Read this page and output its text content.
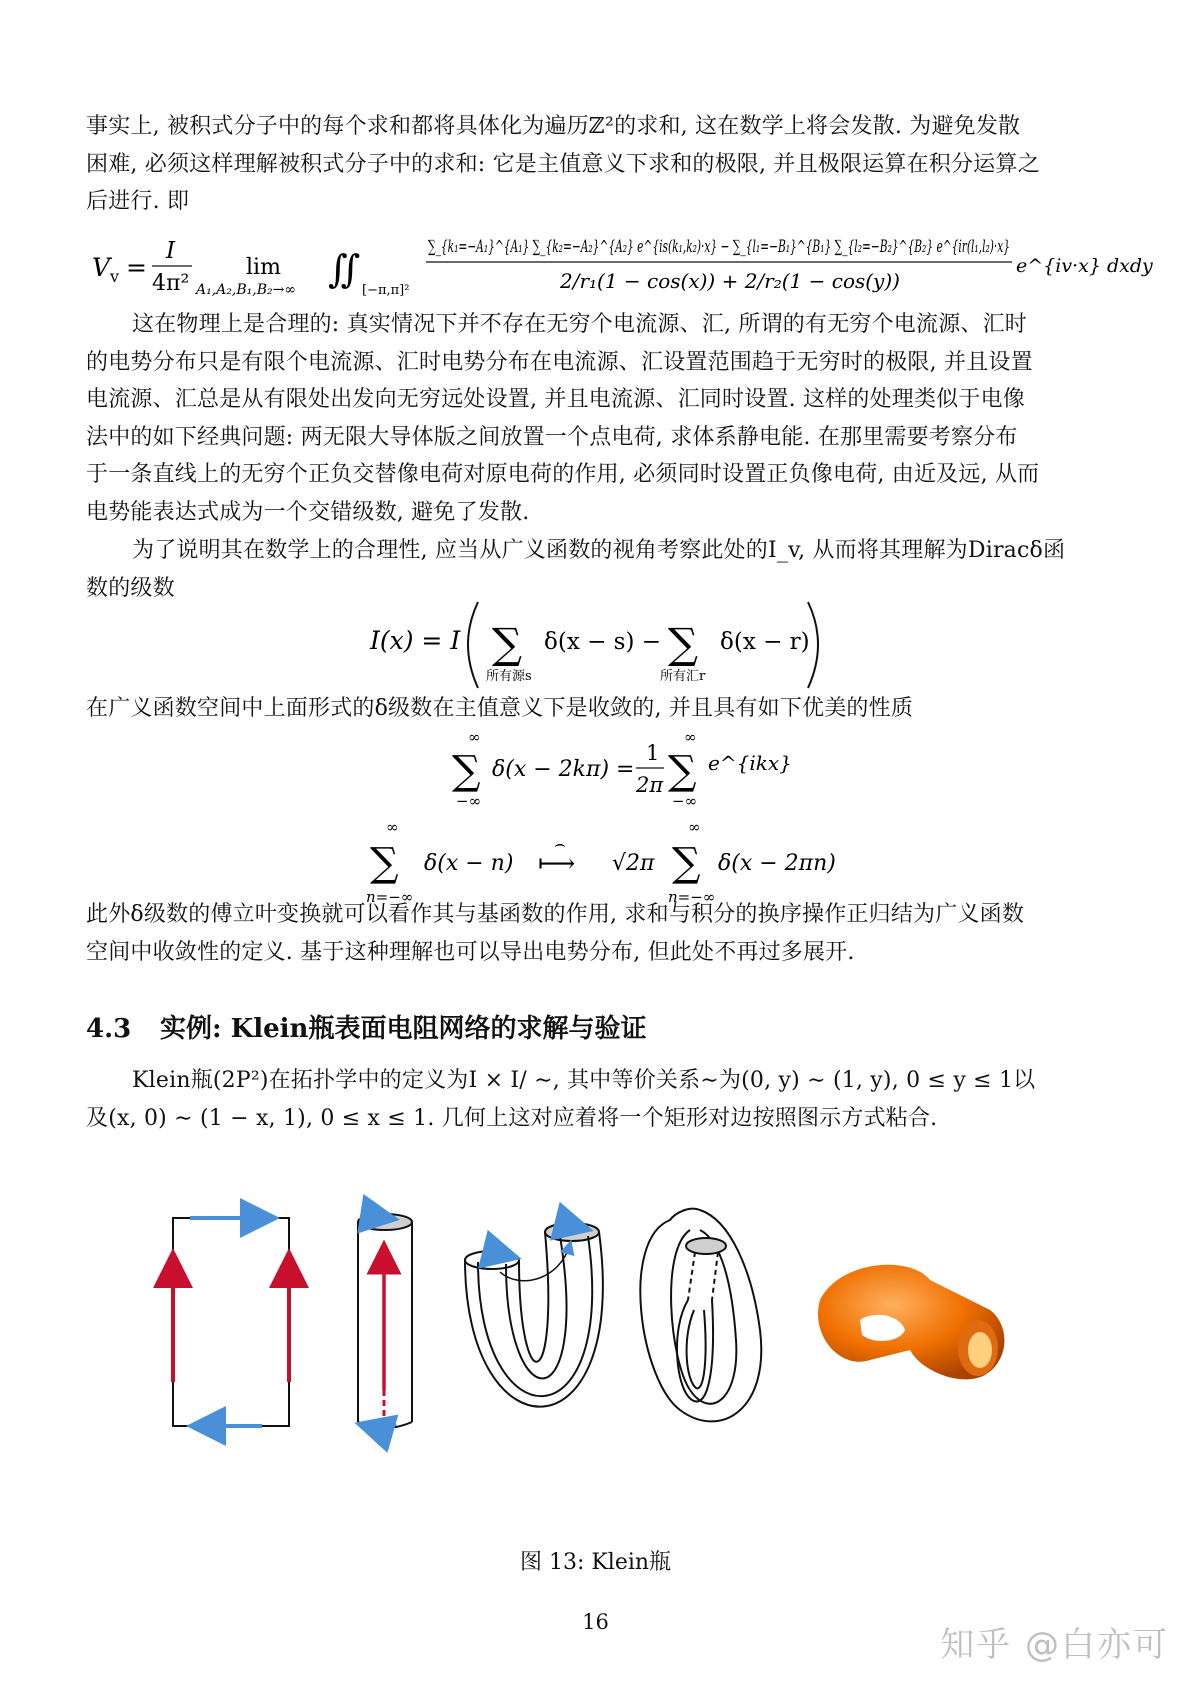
事实上, 被积式分子中的每个求和都将具体化为遍历ℤ²的求和, 这在数学上将会发散. 为避免发散
困难, 必须这样理解被积式分子中的求和: 它是主值意义下求和的极限, 并且极限运算在积分运算之
后进行. 即
V v =
I
4π²
lim
A₁,A₂,B₁,B₂→∞ ∬ [−π,π]²
∑_{k₁=−A₁}^{A₁} ∑_{k₂=−A₂}^{A₂} e^{is(k₁,k₂)·x} − ∑_{l₁=−B₁}^{B₁} ∑_{l₂=−B₂}^{B₂} e^{ir(l₁,l₂)·x}
2/r₁(1 − cos(x)) + 2/r₂(1 − cos(y))
e^{iv·x} dxdy
这在物理上是合理的: 真实情况下并不存在无穷个电流源、汇, 所谓的有无穷个电流源、汇时
的电势分布只是有限个电流源、汇时电势分布在电流源、汇设置范围趋于无穷时的极限, 并且设置
电流源、汇总是从有限处出发向无穷远处设置, 并且电流源、汇同时设置. 这样的处理类似于电像
法中的如下经典问题: 两无限大导体版之间放置一个点电荷, 求体系静电能. 在那里需要考察分布
于一条直线上的无穷个正负交替像电荷对原电荷的作用, 必须同时设置正负像电荷, 由近及远, 从而
电势能表达式成为一个交错级数, 避免了发散.
为了说明其在数学上的合理性, 应当从广义函数的视角考察此处的I_v, 从而将其理解为Diracδ函
数的级数
I(x) = I ∑
所有源s
δ(x − s) − ∑
所有汇r
δ(x − r)
在广义函数空间中上面形式的δ级数在主值意义下是收敛的, 并且具有如下优美的性质
∞
∑
−∞
δ(x − 2kπ) =
1
2π
∞
∑
−∞
e^{ikx}
∞
∑
n=−∞
δ(x − n)
⌢
⟼ √2π
∞
∑
n=−∞
δ(x − 2πn)
此外δ级数的傅立叶变换就可以看作其与基函数的作用, 求和与积分的换序操作正归结为广义函数
空间中收敛性的定义. 基于这种理解也可以导出电势分布, 但此处不再过多展开.
4.3 实例: Klein瓶表面电阻网络的求解与验证
Klein瓶(2P²)在拓扑学中的定义为I × I/ ∼, 其中等价关系∼为(0, y) ∼ (1, y), 0 ≤ y ≤ 1以
及(x, 0) ∼ (1 − x, 1), 0 ≤ x ≤ 1. 几何上这对应着将一个矩形对边按照图示方式粘合.
图 13: Klein瓶
16
知乎 @白亦可
